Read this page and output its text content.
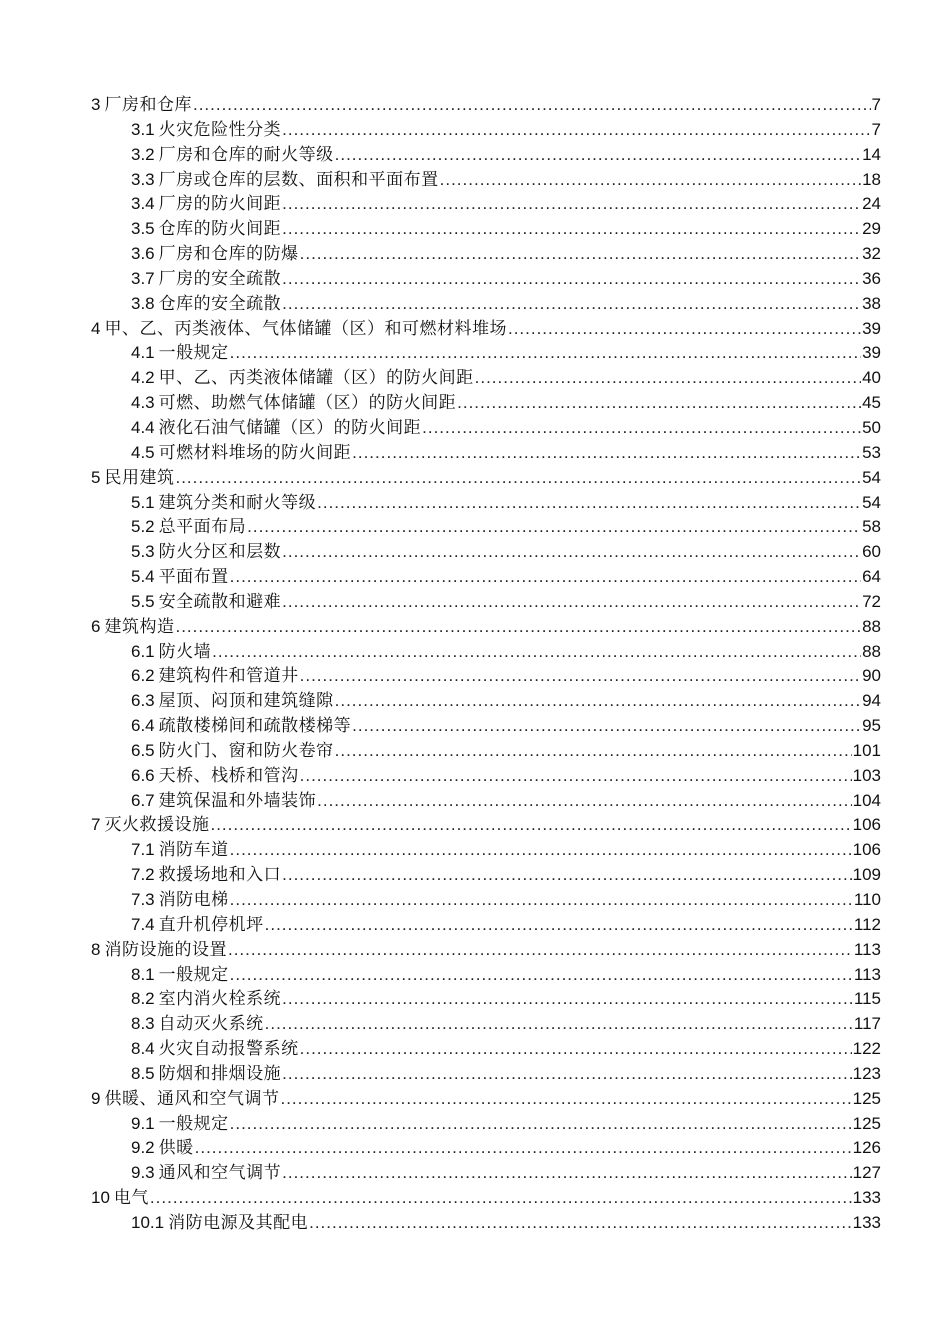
3 厂房和仓库 .....	7
3.1 火灾危险性分类 .....	7
3.2 厂房和仓库的耐火等级 .....	14
3.3 厂房或仓库的层数、面积和平面布置 .....	18
3.4 厂房的防火间距 .....	24
3.5 仓库的防火间距 .....	29
3.6 厂房和仓库的防爆 .....	32
3.7 厂房的安全疏散 .....	36
3.8 仓库的安全疏散 .....	38
4 甲、乙、丙类液体、气体储罐（区）和可燃材料堆场 .....	39
4.1 一般规定 .....	39
4.2 甲、乙、丙类液体储罐（区）的防火间距 .....	40
4.3 可燃、助燃气体储罐（区）的防火间距 .....	45
4.4 液化石油气储罐（区）的防火间距 .....	50
4.5 可燃材料堆场的防火间距 .....	53
5 民用建筑 .....	54
5.1 建筑分类和耐火等级 .....	54
5.2 总平面布局 .....	58
5.3 防火分区和层数 .....	60
5.4 平面布置 .....	64
5.5 安全疏散和避难 .....	72
6 建筑构造 .....	88
6.1 防火墙 .....	88
6.2 建筑构件和管道井 .....	90
6.3 屋顶、闷顶和建筑缝隙 .....	94
6.4 疏散楼梯间和疏散楼梯等 .....	95
6.5 防火门、窗和防火卷帘 .....	101
6.6 天桥、栈桥和管沟 .....	103
6.7 建筑保温和外墙装饰 .....	104
7 灭火救援设施 .....	106
7.1 消防车道 .....	106
7.2 救援场地和入口 .....	109
7.3 消防电梯 .....	110
7.4 直升机停机坪 .....	112
8 消防设施的设置 .....	113
8.1 一般规定 .....	113
8.2 室内消火栓系统 .....	115
8.3 自动灭火系统 .....	117
8.4 火灾自动报警系统 .....	122
8.5 防烟和排烟设施 .....	123
9 供暖、通风和空气调节 .....	125
9.1 一般规定 .....	125
9.2 供暖 .....	126
9.3 通风和空气调节 .....	127
10 电气 .....	133
10.1 消防电源及其配电 .....	133
